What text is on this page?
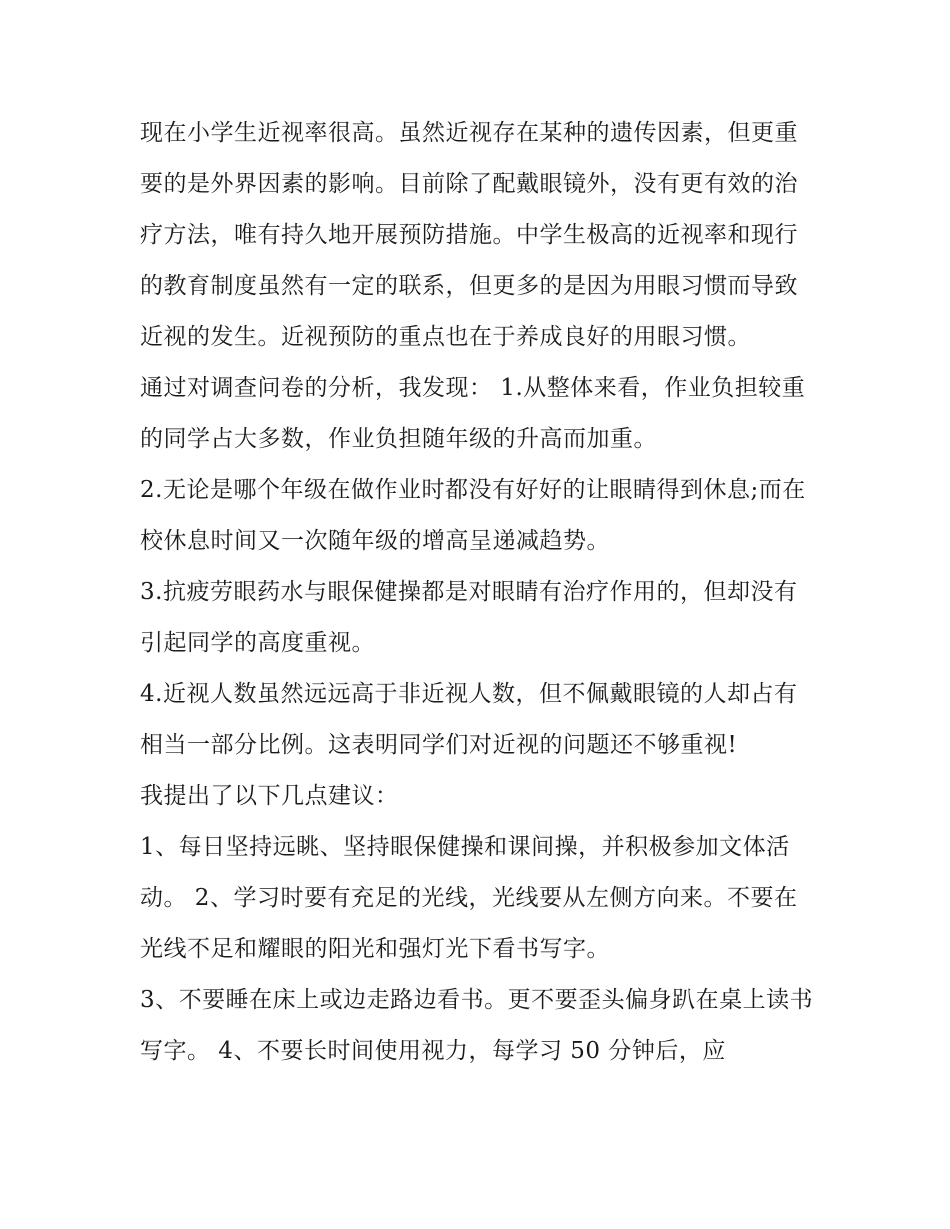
现在小学生近视率很高。虽然近视存在某种的遗传因素，但更重要的是外界因素的影响。目前除了配戴眼镜外，没有更有效的治疗方法，唯有持久地开展预防措施。中学生极高的近视率和现行的教育制度虽然有一定的联系，但更多的是因为用眼习惯而导致近视的发生。近视预防的重点也在于养成良好的用眼习惯。

通过对调查问卷的分析，我发现： 1.从整体来看，作业负担较重的同学占大多数，作业负担随年级的升高而加重。

2.无论是哪个年级在做作业时都没有好好的让眼睛得到休息;而在校休息时间又一次随年级的增高呈递减趋势。

3.抗疲劳眼药水与眼保健操都是对眼睛有治疗作用的，但却没有引起同学的高度重视。

4.近视人数虽然远远高于非近视人数，但不佩戴眼镜的人却占有相当一部分比例。这表明同学们对近视的问题还不够重视!

我提出了以下几点建议：

1、每日坚持远眺、坚持眼保健操和课间操，并积极参加文体活动。 2、学习时要有充足的光线，光线要从左侧方向来。不要在光线不足和耀眼的阳光和强灯光下看书写字。

3、不要睡在床上或边走路边看书。更不要歪头偏身趴在桌上读书写字。 4、不要长时间使用视力，每学习 50 分钟后，应
